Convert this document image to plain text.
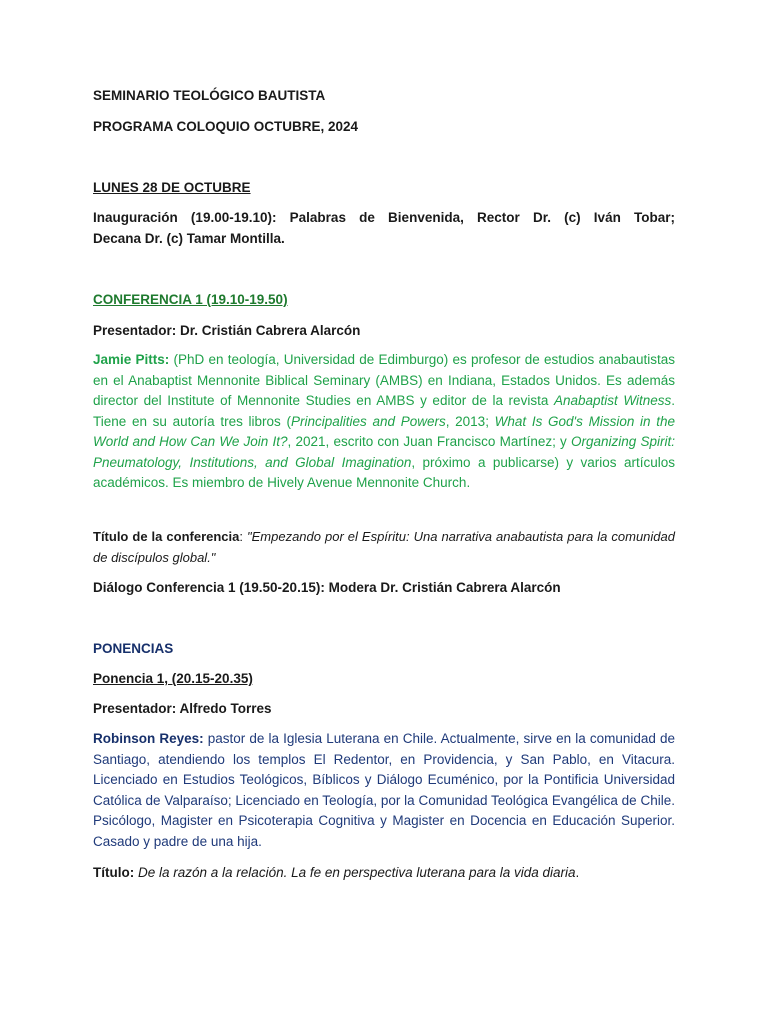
SEMINARIO TEOLÓGICO BAUTISTA

PROGRAMA COLOQUIO OCTUBRE, 2024

LUNES 28 DE OCTUBRE

Inauguración (19.00-19.10): Palabras de Bienvenida, Rector Dr. (c) Iván Tobar;

Decana Dr. (c) Tamar Montilla.

CONFERENCIA 1 (19.10-19.50)

Presentador: Dr. Cristián Cabrera Alarcón

Jamie Pitts: (PhD en teología, Universidad de Edimburgo) es profesor de estudios anabautistas en el Anabaptist Mennonite Biblical Seminary (AMBS) en Indiana, Estados Unidos. Es además director del Institute of Mennonite Studies en AMBS y editor de la revista Anabaptist Witness. Tiene en su autoría tres libros (Principalities and Powers, 2013; What Is God's Mission in the World and How Can We Join It?, 2021, escrito con Juan Francisco Martínez; y Organizing Spirit: Pneumatology, Institutions, and Global Imagination, próximo a publicarse) y varios artículos académicos. Es miembro de Hively Avenue Mennonite Church.

Título de la conferencia: "Empezando por el Espíritu: Una narrativa anabautista para la comunidad de discípulos global."

Diálogo Conferencia 1 (19.50-20.15): Modera Dr. Cristián Cabrera Alarcón

PONENCIAS

Ponencia 1, (20.15-20.35)

Presentador: Alfredo Torres

Robinson Reyes: pastor de la Iglesia Luterana en Chile. Actualmente, sirve en la comunidad de Santiago, atendiendo los templos El Redentor, en Providencia, y San Pablo, en Vitacura. Licenciado en Estudios Teológicos, Bíblicos y Diálogo Ecuménico, por la Pontificia Universidad Católica de Valparaíso; Licenciado en Teología, por la Comunidad Teológica Evangélica de Chile. Psicólogo, Magister en Psicoterapia Cognitiva y Magister en Docencia en Educación Superior. Casado y padre de una hija.

Título: De la razón a la relación. La fe en perspectiva luterana para la vida diaria.
